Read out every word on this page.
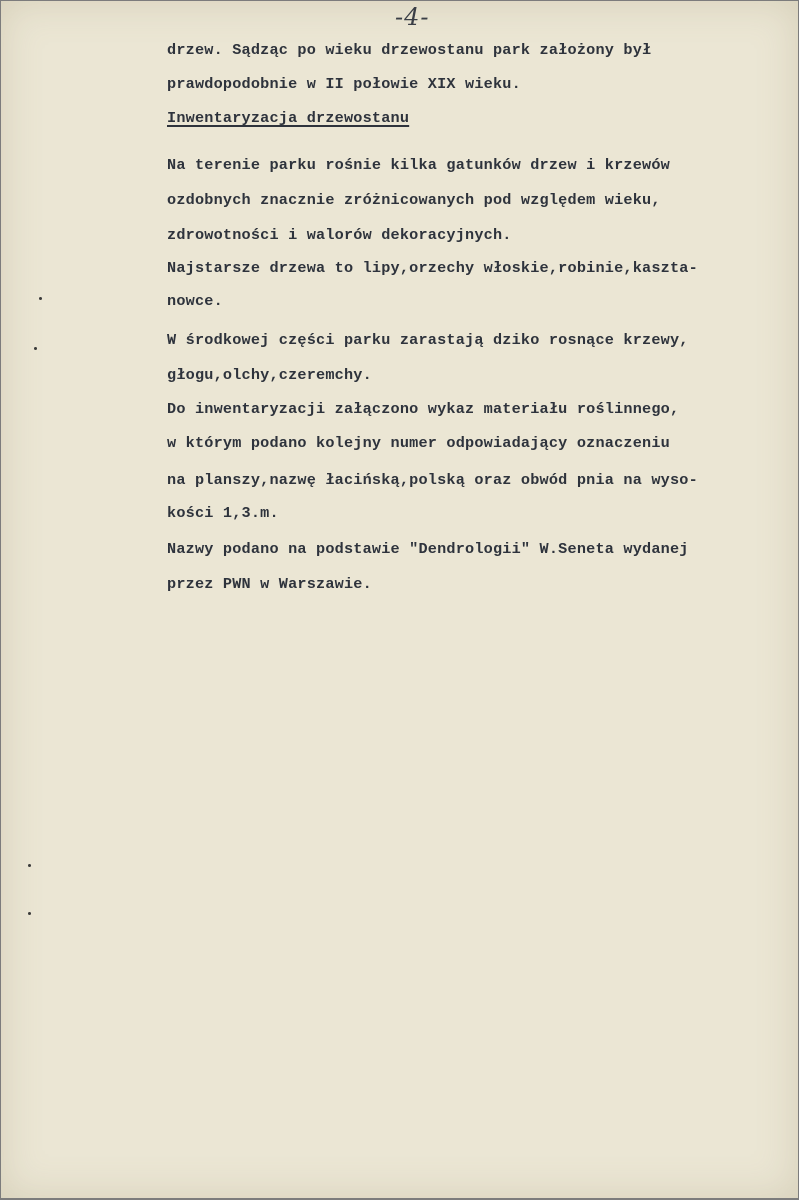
-4-
drzew. Sądząc po wieku drzewostanu park założony był
prawdopodobnie w II połowie XIX wieku.
Inwentaryzacja drzewostanu
Na terenie parku rośnie kilka gatunków drzew i krzewów
ozdobnych znacznie zróżnicowanych pod względem wieku,
zdrowotności i walorów dekoracyjnych.
Najstarsze drzewa to lipy,orzechy włoskie,robinie,kaszta-
nowce.
W środkowej części parku zarastają dziko rosnące krzewy,
głogu,olchy,czeremchy.
Do inwentaryzacji załączono wykaz materiału roślinnego,
w którym podano kolejny numer odpowiadający oznaczeniu
na planszy,nazwę łacińską,polską oraz obwód pnia na wyso-
kości 1,3.m.
Nazwy podano na podstawie "Dendrologii" W.Seneta wydanej
przez PWN w Warszawie.
